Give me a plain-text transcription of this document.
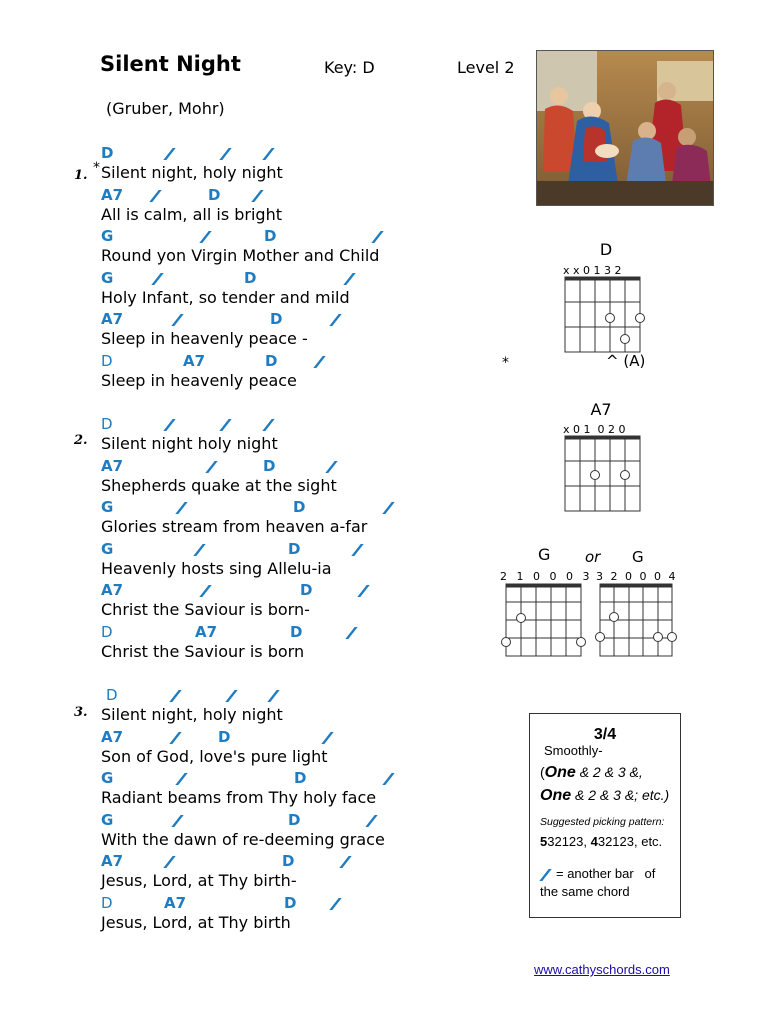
Silent Night	Key: D	Level 2
(Gruber, Mohr)
1.
D
Silent night, holy night
A7	D
All is calm, all is bright
G	D
Round yon Virgin Mother and Child
G	D
Holy Infant, so tender and mild
A7	D
Sleep in heavenly peace -
D	A7	D
Sleep in heavenly peace
2.
D
Silent night holy night
A7	D
Shepherds quake at the sight
G	D
Glories stream from heaven a-far
G	D
Heavenly hosts sing Allelu-ia
A7	D
Christ the Saviour is born-
D	A7	D
Christ the Saviour is born
3.
D
Silent night, holy night
A7	D
Son of God, love's pure light
G	D
Radiant beams from Thy holy face
G	D
With the dawn of re-deeming grace
A7	D
Jesus, Lord, at Thy birth-
D	A7	D
Jesus, Lord, at Thy birth
*
D
x x 0 1 3 2
*	^ (A)
A7
x 0 1  0 2 0
G or G
2 1 0 0 0 3 3 2 0 0 0 4
3/4
Smoothly-
(One & 2 & 3 &,
One & 2 & 3 &; etc.)
Suggested picking pattern:
532123, 432123, etc.
= another bar   of
the same chord
www.cathyschords.com
